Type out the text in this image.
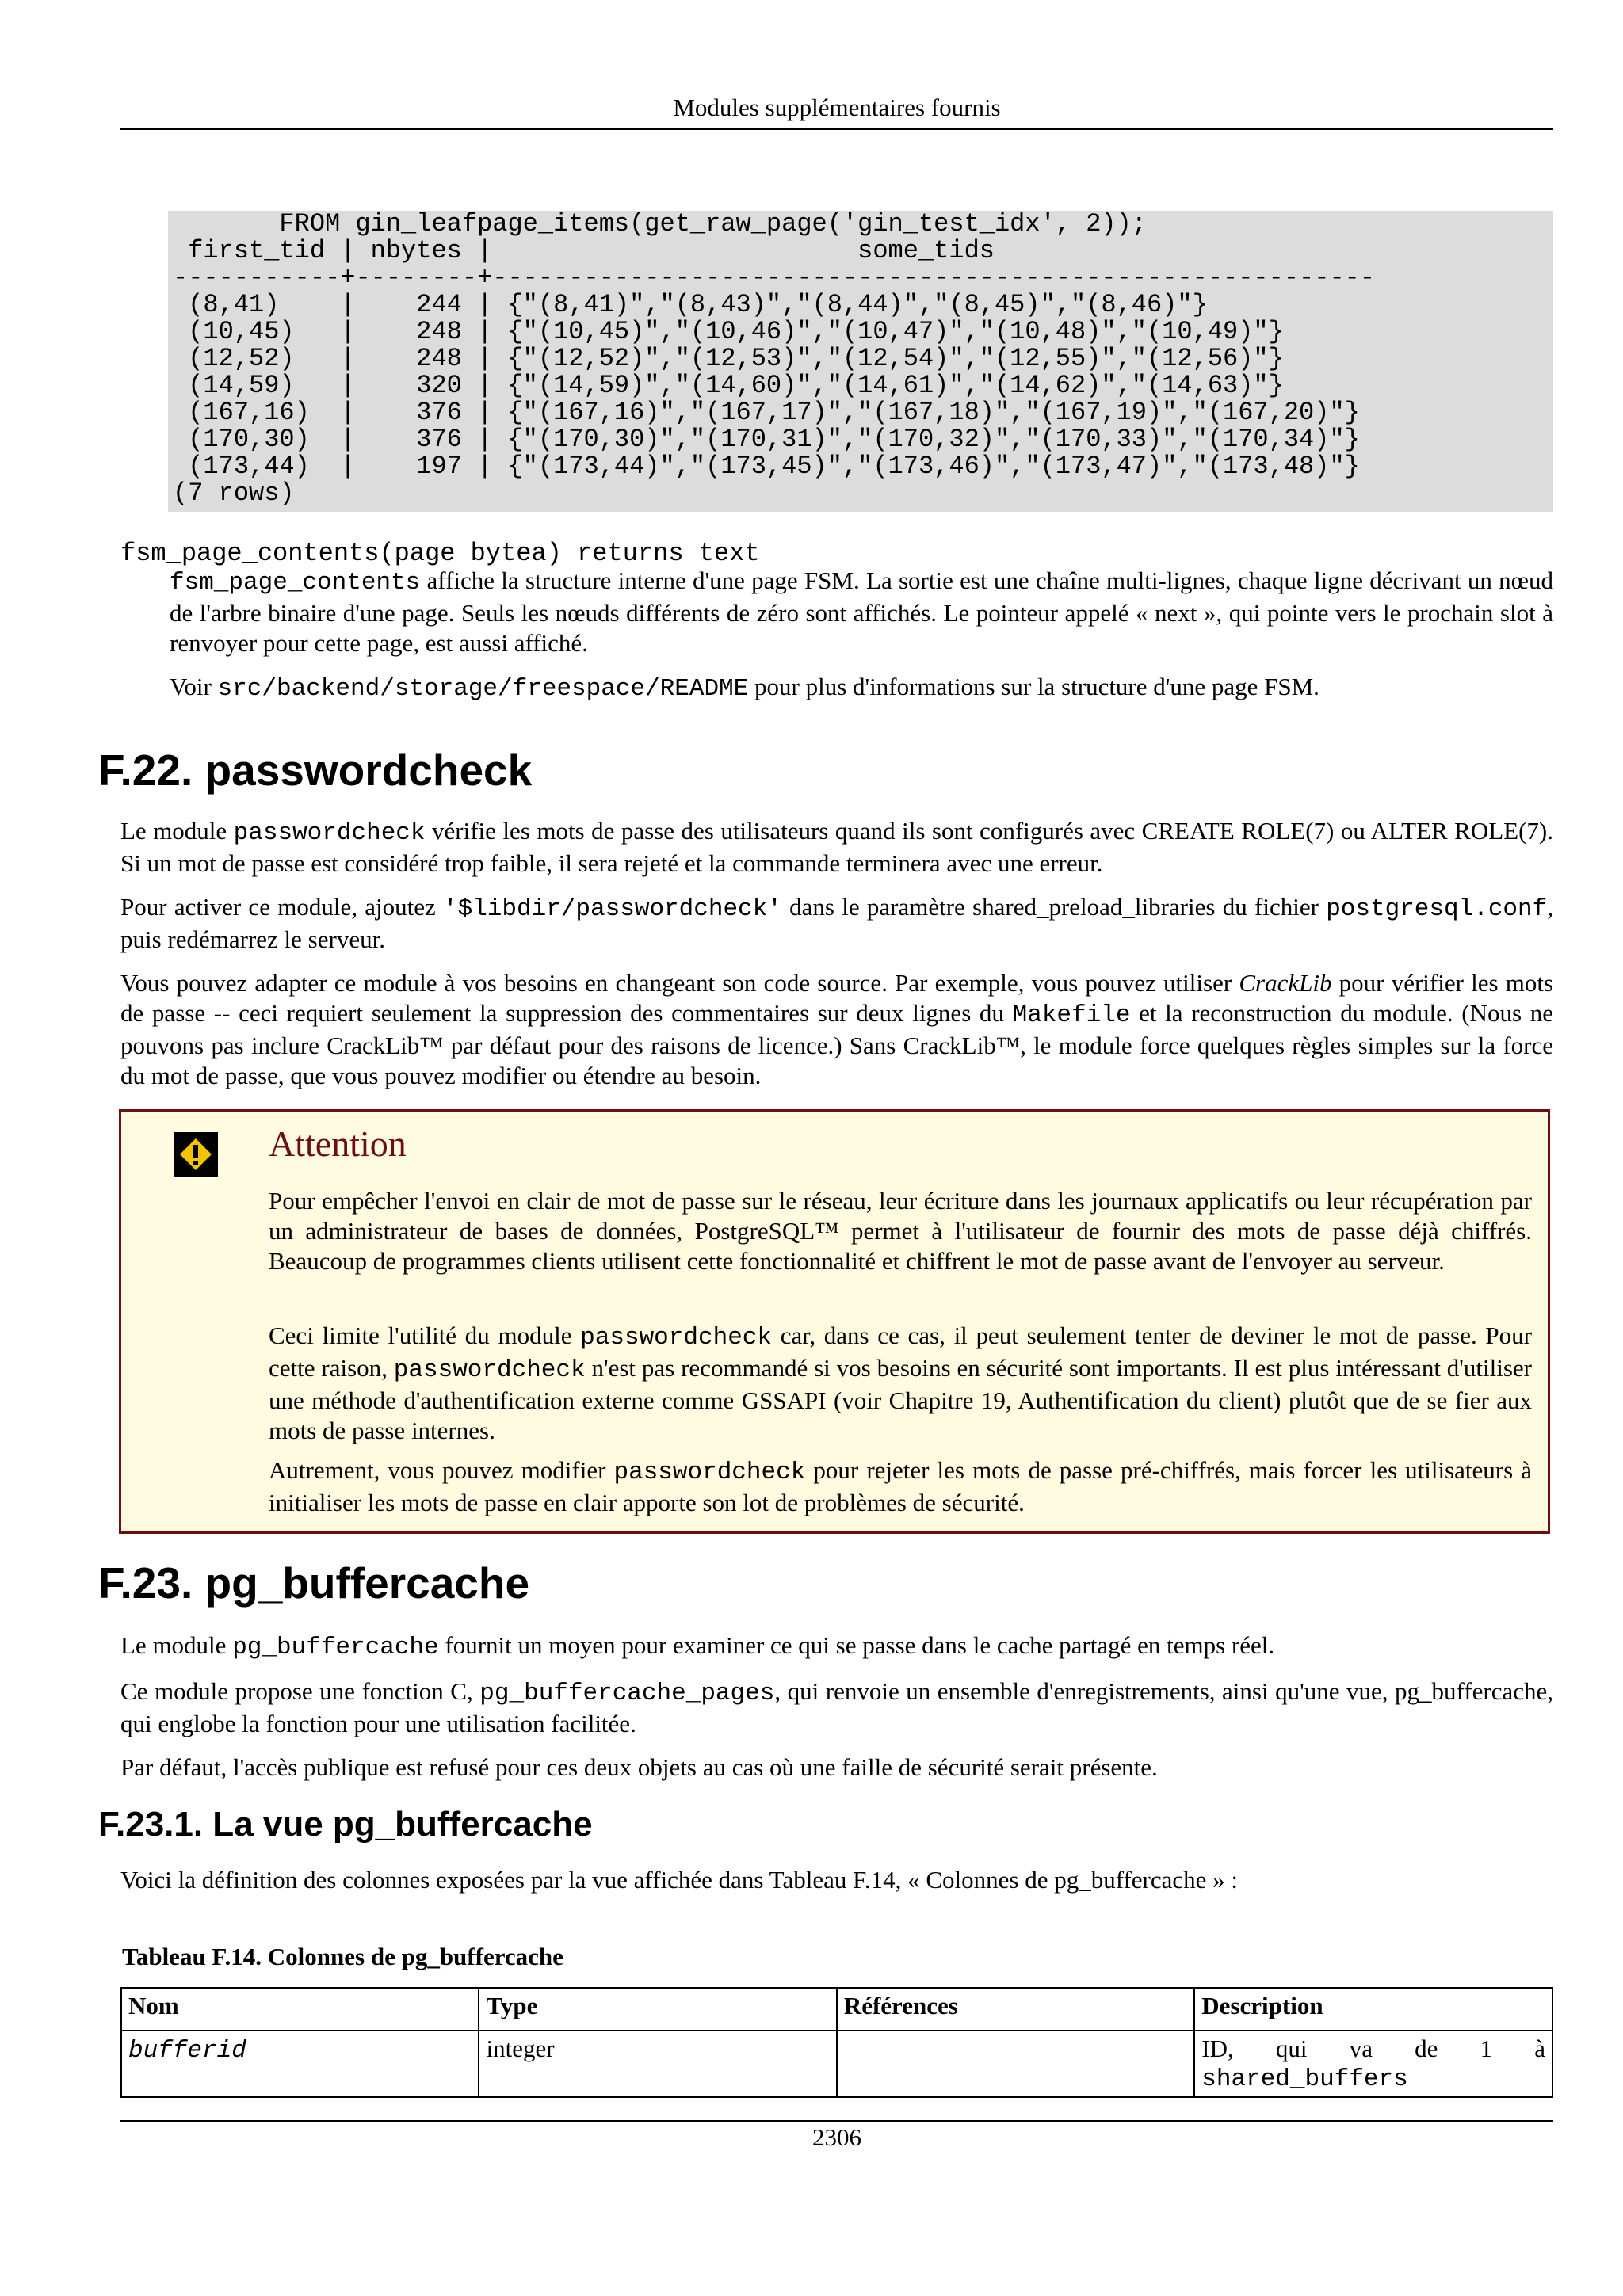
Modules supplémentaires fournis

FROM gin_leafpage_items(get_raw_page('gin_test_idx', 2));
first_tid | nbytes |                        some_tids
-----------+--------+----------------------------------------------------------
(8,41)    |    244 | {"(8,41)","(8,43)","(8,44)","(8,45)","(8,46)"}
(10,45)   |    248 | {"(10,45)","(10,46)","(10,47)","(10,48)","(10,49)"}
(12,52)   |    248 | {"(12,52)","(12,53)","(12,54)","(12,55)","(12,56)"}
(14,59)   |    320 | {"(14,59)","(14,60)","(14,61)","(14,62)","(14,63)"}
(167,16)  |    376 | {"(167,16)","(167,17)","(167,18)","(167,19)","(167,20)"}
(170,30)  |    376 | {"(170,30)","(170,31)","(170,32)","(170,33)","(170,34)"}
(173,44)  |    197 | {"(173,44)","(173,45)","(173,46)","(173,47)","(173,48)"}
(7 rows)

fsm_page_contents(page bytea) returns text
fsm_page_contents affiche la structure interne d'une page FSM. La sortie est une chaîne multi-lignes, chaque ligne décrivant un nœud de l'arbre binaire d'une page. Seuls les nœuds différents de zéro sont affichés. Le pointeur appelé « next », qui pointe vers le prochain slot à renvoyer pour cette page, est aussi affiché.
Voir src/backend/storage/freespace/README pour plus d'informations sur la structure d'une page FSM.
F.22. passwordcheck
Le module passwordcheck vérifie les mots de passe des utilisateurs quand ils sont configurés avec CREATE ROLE(7) ou ALTER ROLE(7). Si un mot de passe est considéré trop faible, il sera rejeté et la commande terminera avec une erreur.
Pour activer ce module, ajoutez '$libdir/passwordcheck' dans le paramètre shared_preload_libraries du fichier postgresql.conf, puis redémarrez le serveur.
Vous pouvez adapter ce module à vos besoins en changeant son code source. Par exemple, vous pouvez utiliser CrackLib pour vérifier les mots de passe -- ceci requiert seulement la suppression des commentaires sur deux lignes du Makefile et la reconstruction du module. (Nous ne pouvons pas inclure CrackLib™ par défaut pour des raisons de licence.) Sans CrackLib™, le module force quelques règles simples sur la force du mot de passe, que vous pouvez modifier ou étendre au besoin.
Attention
Pour empêcher l'envoi en clair de mot de passe sur le réseau, leur écriture dans les journaux applicatifs ou leur récupération par un administrateur de bases de données, PostgreSQL™ permet à l'utilisateur de fournir des mots de passe déjà chiffrés. Beaucoup de programmes clients utilisent cette fonctionnalité et chiffrent le mot de passe avant de l'envoyer au serveur.
Ceci limite l'utilité du module passwordcheck car, dans ce cas, il peut seulement tenter de deviner le mot de passe. Pour cette raison, passwordcheck n'est pas recommandé si vos besoins en sécurité sont importants. Il est plus intéressant d'utiliser une méthode d'authentification externe comme GSSAPI (voir Chapitre 19, Authentification du client) plutôt que de se fier aux mots de passe internes.
Autrement, vous pouvez modifier passwordcheck pour rejeter les mots de passe pré-chiffrés, mais forcer les utilisateurs à initialiser les mots de passe en clair apporte son lot de problèmes de sécurité.
F.23. pg_buffercache
Le module pg_buffercache fournit un moyen pour examiner ce qui se passe dans le cache partagé en temps réel.
Ce module propose une fonction C, pg_buffercache_pages, qui renvoie un ensemble d'enregistrements, ainsi qu'une vue, pg_buffercache, qui englobe la fonction pour une utilisation facilitée.
Par défaut, l'accès publique est refusé pour ces deux objets au cas où une faille de sécurité serait présente.
F.23.1. La vue pg_buffercache
Voici la définition des colonnes exposées par la vue affichée dans Tableau F.14, « Colonnes de pg_buffercache » :
Tableau F.14. Colonnes de pg_buffercache
Nom	Type	Références	Description
bufferid	integer		ID, qui va de 1 à shared_buffers
2306
